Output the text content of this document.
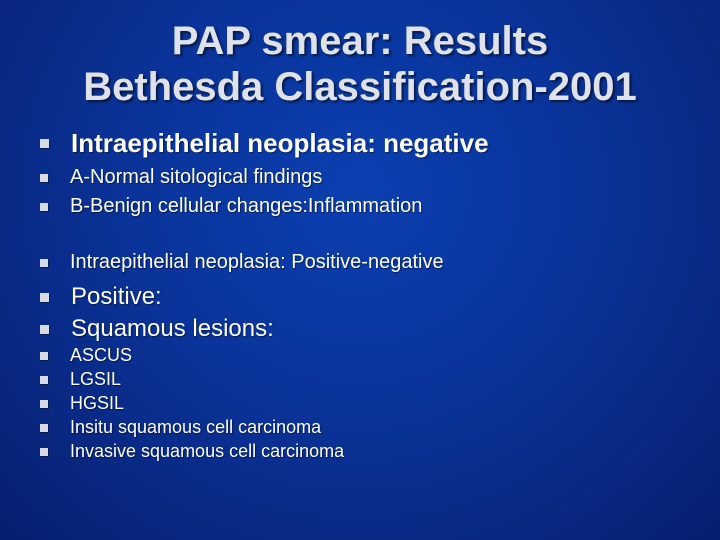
PAP smear: Results
Bethesda Classification-2001
Intraepithelial neoplasia: negative
A-Normal sitological findings
B-Benign cellular changes:Inflammation
Intraepithelial neoplasia: Positive-negative
Positive:
Squamous lesions:
ASCUS
LGSIL
HGSIL
Insitu squamous cell carcinoma
Invasive squamous cell carcinoma
